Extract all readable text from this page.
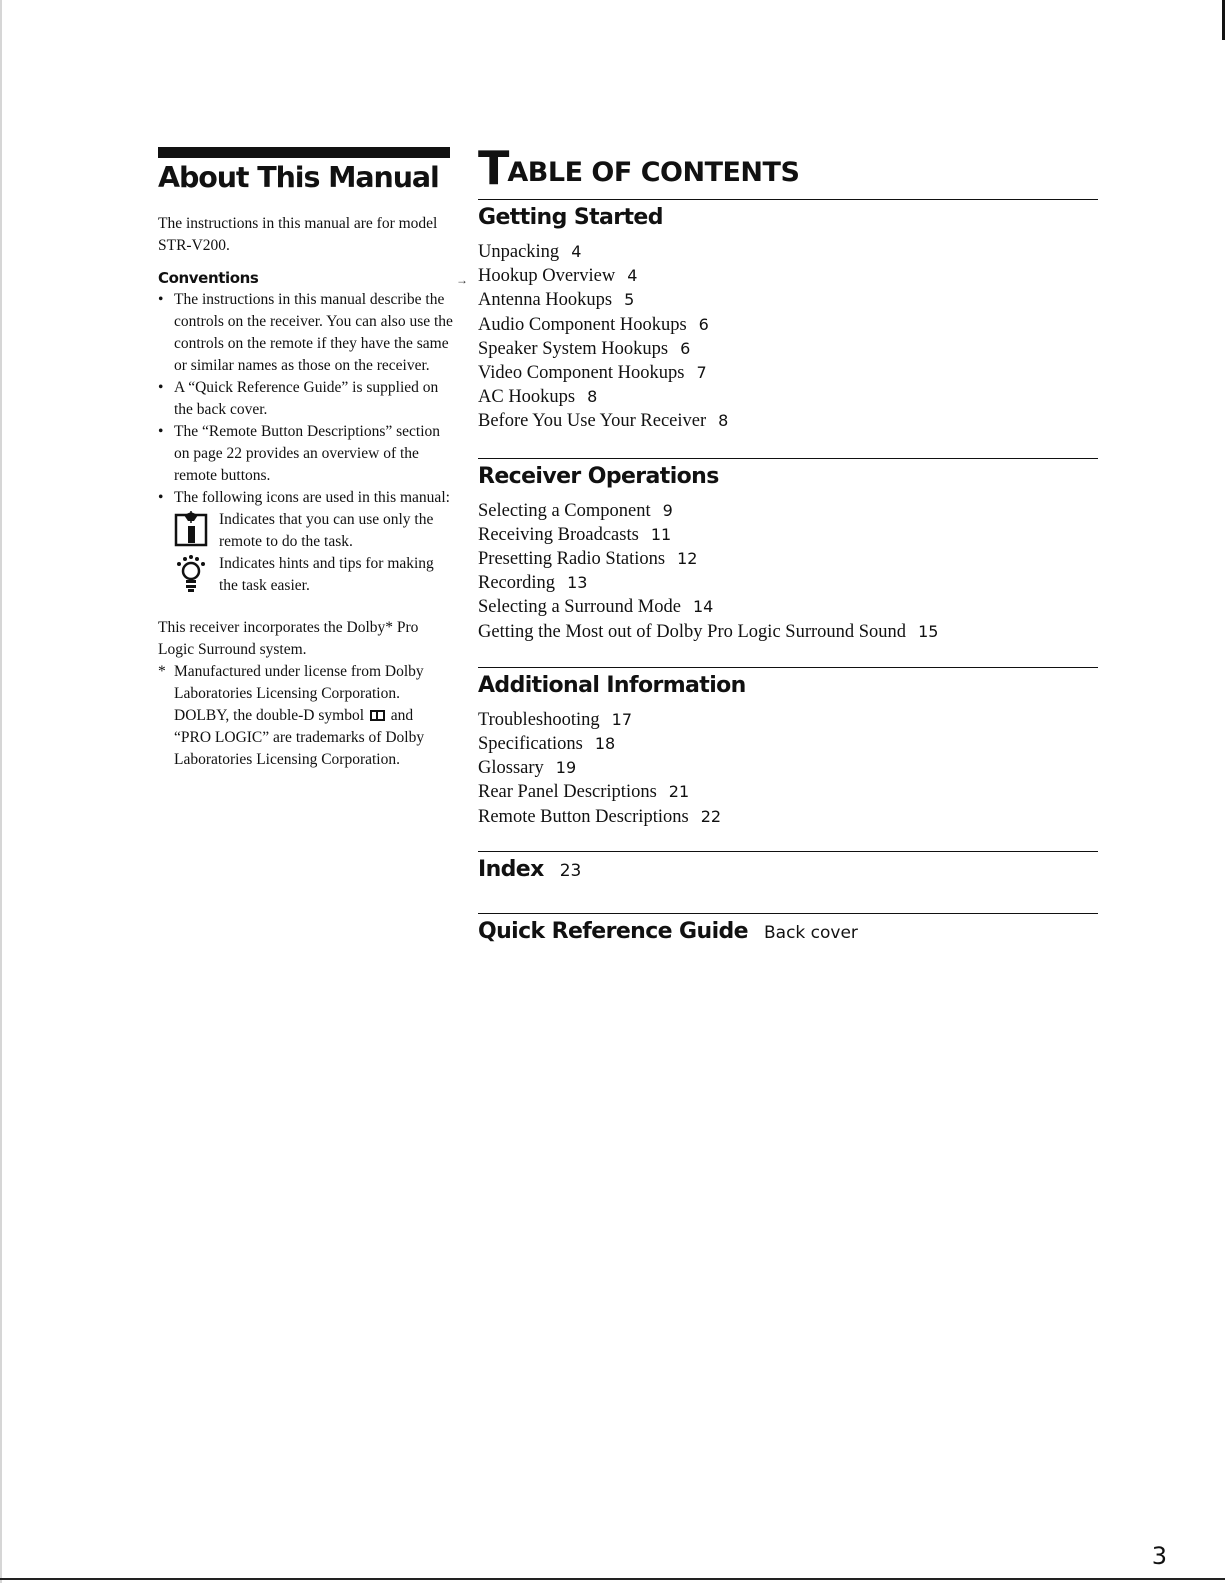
About This Manual
The instructions in this manual are for model STR-V200.
Conventions
• The instructions in this manual describe the controls on the receiver. You can also use the controls on the remote if they have the same or similar names as those on the receiver.
• A “Quick Reference Guide” is supplied on the back cover.
• The “Remote Button Descriptions” section on page 22 provides an overview of the remote buttons.
• The following icons are used in this manual:
Indicates that you can use only the remote to do the task.
Indicates hints and tips for making the task easier.
This receiver incorporates the Dolby* Pro Logic Surround system.
* Manufactured under license from Dolby Laboratories Licensing Corporation.
DOLBY, the double-D symbol and “PRO LOGIC” are trademarks of Dolby Laboratories Licensing Corporation.
TABLE OF CONTENTS
Getting Started
Unpacking 4
Hookup Overview 4
Antenna Hookups 5
Audio Component Hookups 6
Speaker System Hookups 6
Video Component Hookups 7
AC Hookups 8
Before You Use Your Receiver 8
Receiver Operations
Selecting a Component 9
Receiving Broadcasts 11
Presetting Radio Stations 12
Recording 13
Selecting a Surround Mode 14
Getting the Most out of Dolby Pro Logic Surround Sound 15
Additional Information
Troubleshooting 17
Specifications 18
Glossary 19
Rear Panel Descriptions 21
Remote Button Descriptions 22
Index 23
Quick Reference Guide Back cover
→
3
